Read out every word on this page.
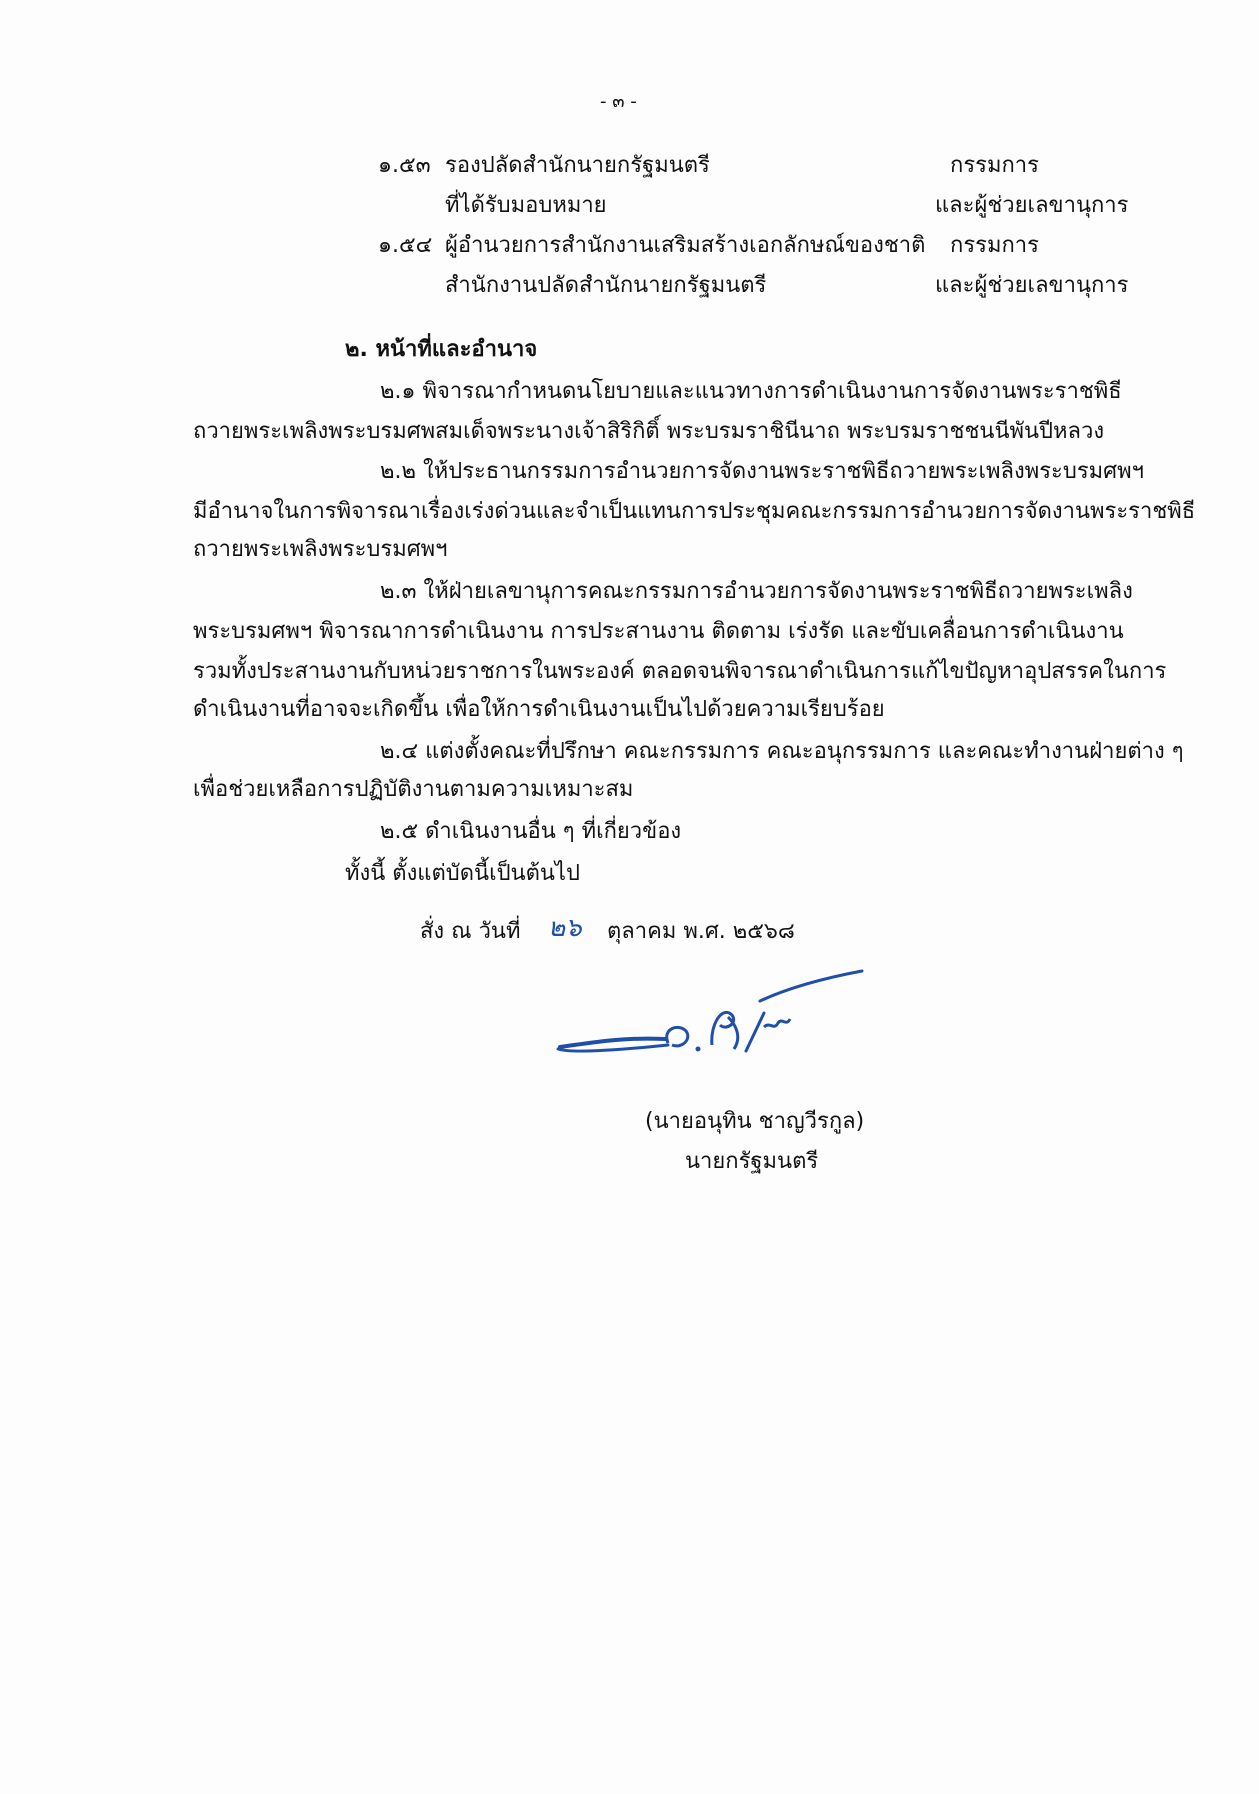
- ๓ -
๑.๕๓ รองปลัดสำนักนายกรัฐมนตรี	กรรมการ
ที่ได้รับมอบหมาย	และผู้ช่วยเลขานุการ
๑.๕๔ ผู้อำนวยการสำนักงานเสริมสร้างเอกลักษณ์ของชาติ กรรมการ
สำนักงานปลัดสำนักนายกรัฐมนตรี	และผู้ช่วยเลขานุการ
๒. หน้าที่และอำนาจ
๒.๑ พิจารณากำหนดนโยบายและแนวทางการดำเนินงานการจัดงานพระราชพิธี
ถวายพระเพลิงพระบรมศพสมเด็จพระนางเจ้าสิริกิติ์ พระบรมราชินีนาถ พระบรมราชชนนีพันปีหลวง
๒.๒ ให้ประธานกรรมการอำนวยการจัดงานพระราชพิธีถวายพระเพลิงพระบรมศพฯ
มีอำนาจในการพิจารณาเรื่องเร่งด่วนและจำเป็นแทนการประชุมคณะกรรมการอำนวยการจัดงานพระราชพิธี
ถวายพระเพลิงพระบรมศพฯ
๒.๓ ให้ฝ่ายเลขานุการคณะกรรมการอำนวยการจัดงานพระราชพิธีถวายพระเพลิง
พระบรมศพฯ พิจารณาการดำเนินงาน การประสานงาน ติดตาม เร่งรัด และขับเคลื่อนการดำเนินงาน
รวมทั้งประสานงานกับหน่วยราชการในพระองค์ ตลอดจนพิจารณาดำเนินการแก้ไขปัญหาอุปสรรคในการ
ดำเนินงานที่อาจจะเกิดขึ้น เพื่อให้การดำเนินงานเป็นไปด้วยความเรียบร้อย
๒.๔ แต่งตั้งคณะที่ปรึกษา คณะกรรมการ คณะอนุกรรมการ และคณะทำงานฝ่ายต่าง ๆ
เพื่อช่วยเหลือการปฏิบัติงานตามความเหมาะสม
๒.๕ ดำเนินงานอื่น ๆ ที่เกี่ยวข้อง
ทั้งนี้ ตั้งแต่บัดนี้เป็นต้นไป
สั่ง ณ วันที่ ๒๖ ตุลาคม พ.ศ. ๒๕๖๘
(นายอนุทิน ชาญวีรกูล)
นายกรัฐมนตรี
